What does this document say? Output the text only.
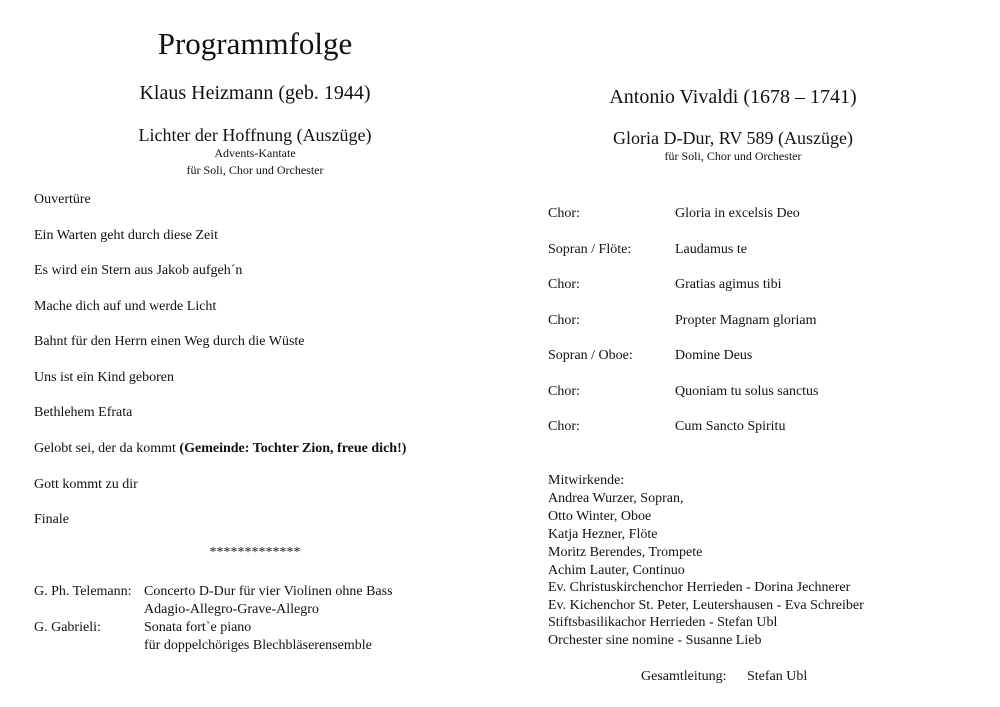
Programmfolge
Klaus Heizmann (geb. 1944)
Lichter der Hoffnung (Auszüge)
Advents-Kantate
für Soli, Chor und Orchester
Ouvertüre
Ein Warten geht durch diese Zeit
Es wird ein Stern aus Jakob aufgeh´n
Mache dich auf und werde Licht
Bahnt für den Herrn einen Weg durch die Wüste
Uns ist ein Kind geboren
Bethlehem Efrata
Gelobt sei, der da kommt (Gemeinde: Tochter Zion, freue dich!)
Gott kommt zu dir
Finale
*************
G. Ph. Telemann: Concerto D-Dur für vier Violinen ohne Bass
Adagio-Allegro-Grave-Allegro
G. Gabrieli:	Sonata fort`e piano
für doppelchöriges Blechbläserensemble
Antonio Vivaldi (1678 – 1741)
Gloria D-Dur, RV 589 (Auszüge)
für Soli, Chor und Orchester
Chor:	Gloria in excelsis Deo
Sopran / Flöte:	Laudamus te
Chor:	Gratias agimus tibi
Chor:	Propter Magnam gloriam
Sopran / Oboe:	Domine Deus
Chor:	Quoniam tu solus sanctus
Chor:	Cum Sancto Spiritu
Mitwirkende:
Andrea Wurzer, Sopran,
Otto Winter, Oboe
Katja Hezner, Flöte
Moritz Berendes, Trompete
Achim Lauter, Continuo
Ev. Christuskirchenchor Herrieden - Dorina Jechnerer
Ev. Kichenchor St. Peter, Leutershausen - Eva Schreiber
Stiftsbasilikachor Herrieden - Stefan Ubl
Orchester sine nomine - Susanne Lieb
Gesamtleitung: Stefan Ubl
